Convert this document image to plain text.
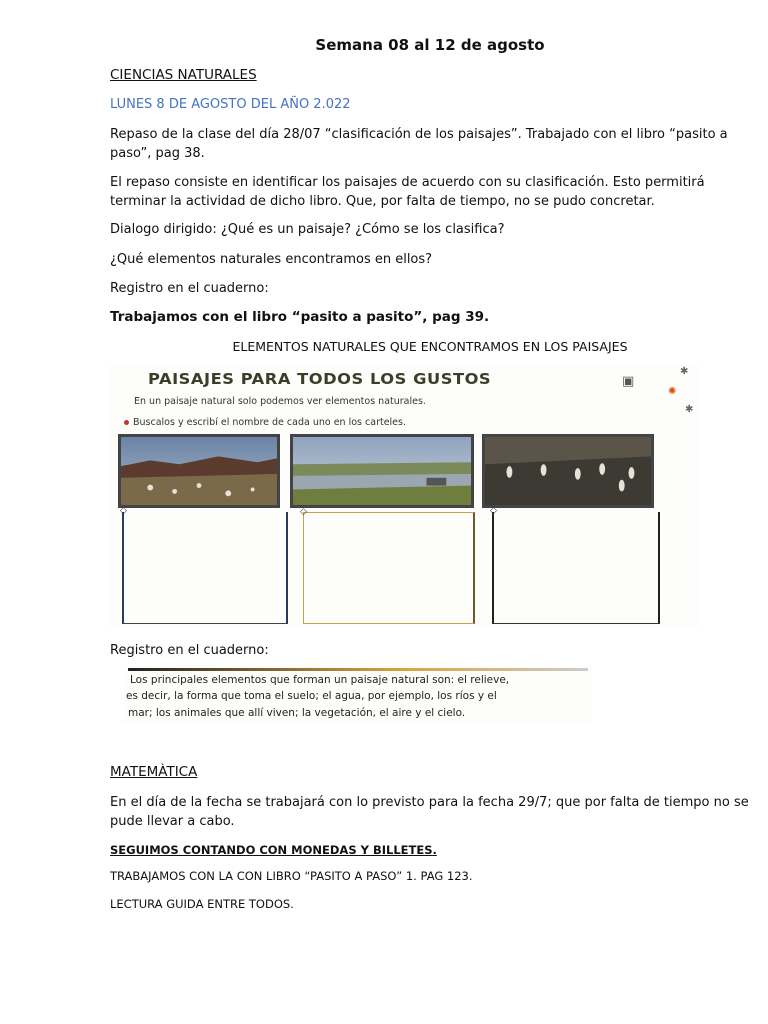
Semana 08 al 12 de agosto
CIENCIAS NATURALES
LUNES 8 DE AGOSTO DEL AÑO 2.022
Repaso de la clase del día 28/07 “clasificación de los paisajes”. Trabajado con el libro “pasito a paso”, pag 38.
El repaso consiste en identificar los paisajes de acuerdo con su clasificación. Esto permitirá terminar la actividad de dicho libro. Que, por falta de tiempo, no se pudo concretar.
Dialogo dirigido: ¿Qué es un paisaje? ¿Cómo se los clasifica?
¿Qué elementos naturales encontramos en ellos?
Registro en el cuaderno:
Trabajamos con el libro “pasito a pasito”, pag 39.
ELEMENTOS NATURALES QUE ENCONTRAMOS EN LOS PAISAJES
PAISAJES PARA TODOS LOS GUSTOS
En un paisaje natural solo podemos ver elementos naturales.
Buscalos y escribí el nombre de cada uno en los carteles.
▣
✺
✱
✱
◇	◇	◇
Registro en el cuaderno:
Los principales elementos que forman un paisaje natural son: el relieve,
es decir, la forma que toma el suelo; el agua, por ejemplo, los ríos y el
mar; los animales que allí viven; la vegetación, el aire y el cielo.
MATEMÀTICA
En el día de la fecha se trabajará con lo previsto para la fecha 29/7; que por falta de tiempo no se pude llevar a cabo.
SEGUIMOS CONTANDO CON MONEDAS Y BILLETES.
TRABAJAMOS CON LA CON LIBRO “PASITO A PASO” 1. PAG 123.
LECTURA GUIDA ENTRE TODOS.
